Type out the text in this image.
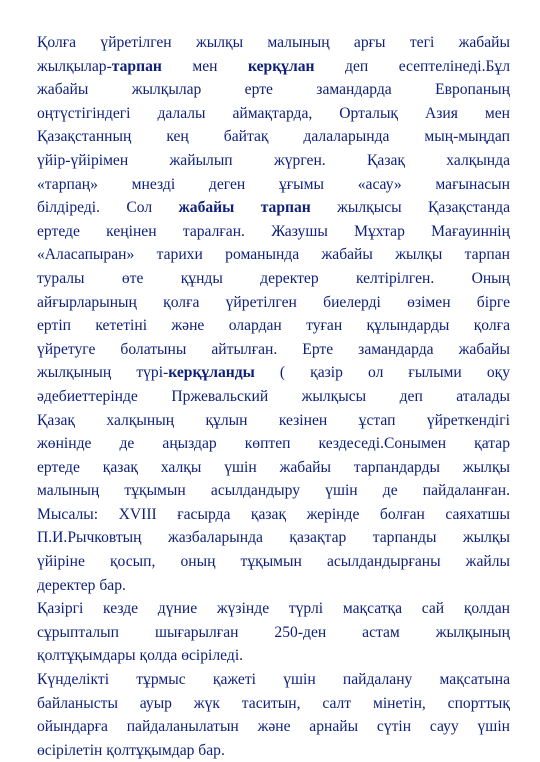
Қолға үйретілген жылқы малының арғы тегі жабайы
жылқылар-тарпан мен керқұлан деп есептелінеді.Бұл
жабайы жылқылар ерте замандарда Европаның
оңтүстігіндегі далалы аймақтарда, Орталық Азия мен
Қазақстанның кең байтақ далаларында мың-мыңдап
үйір-үйірімен жайылып жүрген. Қазақ халқында
«тарпаң» мнезді деген ұғымы «асау» мағынасын
білдіреді. Сол жабайы тарпан жылқысы Қазақстанда
ертеде кеңінен таралған. Жазушы Мұхтар Мағауиннің
«Аласапыран» тарихи романында жабайы жылқы тарпан
туралы өте құнды деректер келтірілген. Оның
айғырларының қолға үйретілген биелерді өзімен бірге
ертіп кететіні және олардан туған құлындарды қолға
үйретуге болатыны айтылған. Ерте замандарда жабайы
жылқының түрі-керқұланды ( қазір ол ғылыми оқу
әдебиеттерінде Пржевальский жылқысы деп аталады
Қазақ халқының құлын кезінен ұстап үйреткендігі
жөнінде де аңыздар көптеп кездеседі.Сонымен қатар
ертеде қазақ халқы үшін жабайы тарпандарды жылқы
малының тұқымын асылдандыру үшін де пайдаланған.
Мысалы: XVIII ғасырда қазақ жерінде болған саяхатшы
П.И.Рычковтың жазбаларында қазақтар тарпанды жылқы
үйіріне қосып, оның тұқымын асылдандырғаны жайлы
деректер бар.
Қазіргі кезде дүние жүзінде түрлі мақсатқа сай қолдан
сұрыпталып шығарылған 250-ден астам жылқының
қолтұқымдары қолда өсіріледі.
Күнделікті тұрмыс қажеті үшін пайдалану мақсатына
байланысты ауыр жүк таситын, салт мінетін, спорттық
ойындарға пайдаланылатын және арнайы сүтін сауу үшін
өсірілетін қолтұқымдар бар.
